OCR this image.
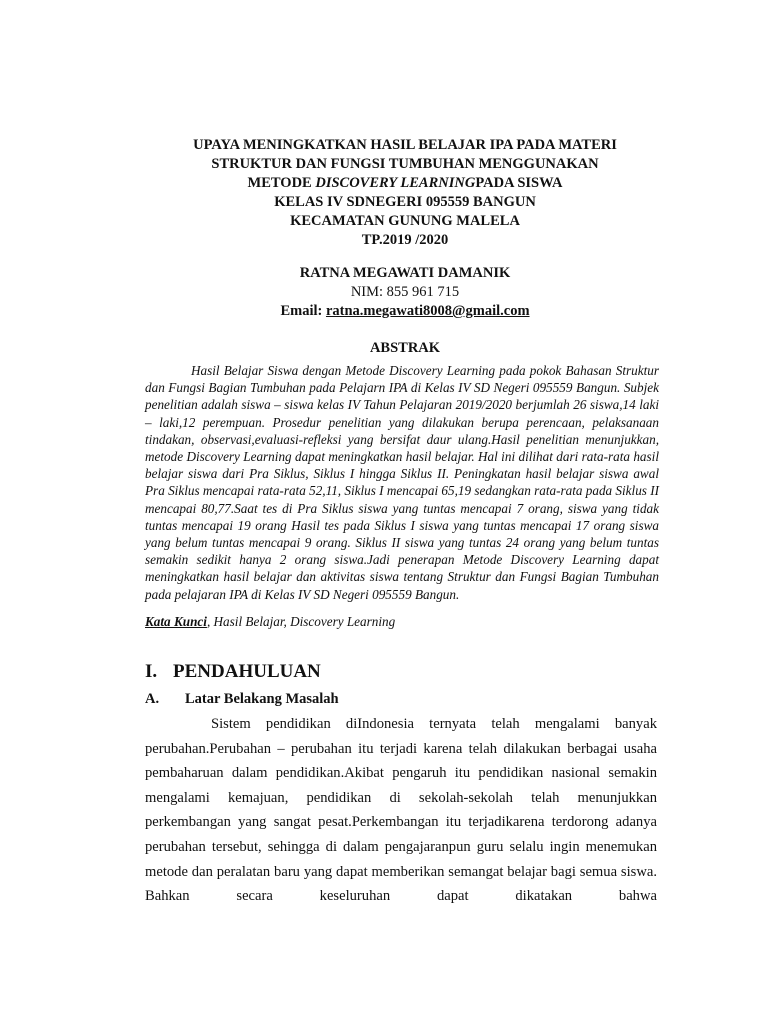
UPAYA MENINGKATKAN HASIL BELAJAR IPA PADA MATERI
STRUKTUR DAN FUNGSI TUMBUHAN MENGGUNAKAN
METODE DISCOVERY LEARNINGPADA SISWA
KELAS IV SDNEGERI 095559 BANGUN
KECAMATAN GUNUNG MALELA
TP.2019 /2020
RATNA MEGAWATI DAMANIK
NIM: 855 961 715
Email: ratna.megawati8008@gmail.com
ABSTRAK
Hasil Belajar Siswa dengan Metode Discovery Learning pada pokok Bahasan Struktur dan Fungsi Bagian Tumbuhan pada Pelajarn IPA di Kelas IV SD Negeri 095559 Bangun. Subjek penelitian adalah siswa – siswa kelas IV Tahun Pelajaran 2019/2020 berjumlah 26 siswa,14 laki – laki,12 perempuan. Prosedur penelitian yang dilakukan berupa perencaan, pelaksanaan tindakan, observasi,evaluasi-refleksi yang bersifat daur ulang.Hasil penelitian menunjukkan, metode Discovery Learning dapat meningkatkan hasil belajar. Hal ini dilihat dari rata-rata hasil belajar siswa dari Pra Siklus, Siklus I hingga Siklus II. Peningkatan hasil belajar siswa awal Pra Siklus mencapai rata-rata 52,11, Siklus I mencapai 65,19 sedangkan rata-rata pada Siklus II mencapai 80,77.Saat tes di Pra Siklus siswa yang tuntas mencapai 7 orang, siswa yang tidak tuntas mencapai 19 orang Hasil tes pada Siklus I siswa yang tuntas mencapai 17 orang siswa yang belum tuntas mencapai 9 orang. Siklus II siswa yang tuntas 24 orang yang belum tuntas semakin sedikit hanya 2 orang siswa.Jadi penerapan Metode Discovery Learning dapat meningkatkan hasil belajar dan aktivitas siswa tentang Struktur dan Fungsi Bagian Tumbuhan pada pelajaran IPA di Kelas IV SD Negeri 095559 Bangun.
Kata Kunci, Hasil Belajar, Discovery Learning
I. PENDAHULUAN
A. Latar Belakang Masalah
Sistem pendidikan diIndonesia ternyata telah mengalami banyak perubahan.Perubahan – perubahan itu terjadi karena telah dilakukan berbagai usaha pembaharuan dalam pendidikan.Akibat pengaruh itu pendidikan nasional semakin mengalami kemajuan, pendidikan di sekolah-sekolah telah menunjukkan perkembangan yang sangat pesat.Perkembangan itu terjadikarena terdorong adanya perubahan tersebut, sehingga di dalam pengajaranpun guru selalu ingin menemukan metode dan peralatan baru yang dapat memberikan semangat belajar bagi semua siswa. Bahkan secara keseluruhan dapat dikatakan bahwa
